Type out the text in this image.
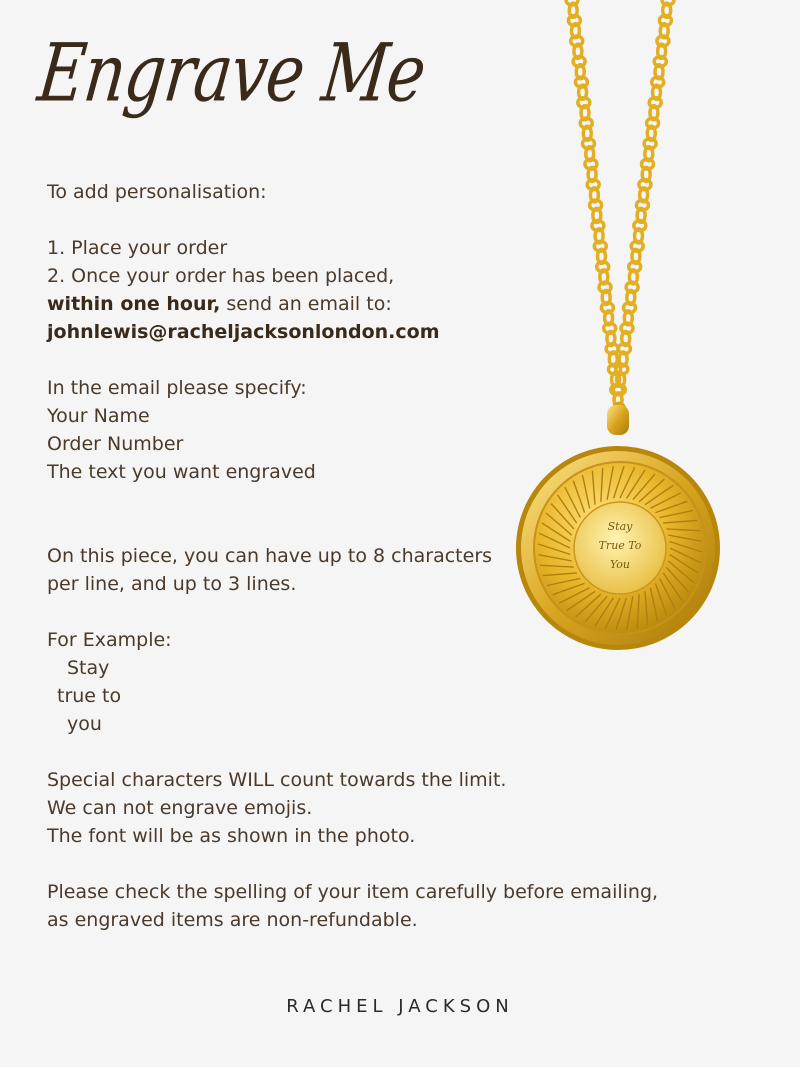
Engrave Me
To add personalisation:
1. Place your order
2. Once your order has been placed,
within one hour, send an email to:
johnlewis@racheljacksonlondon.com
In the email please specify:
Your Name
Order Number
The text you want engraved
On this piece, you can have up to 8 characters
per line, and up to 3 lines.
For Example:
Stay
true to
you
Special characters WILL count towards the limit.
We can not engrave emojis.
The font will be as shown in the photo.
Please check the spelling of your item carefully before emailing,
as engraved items are non-refundable.
Stay
True To
You
RACHEL JACKSON
